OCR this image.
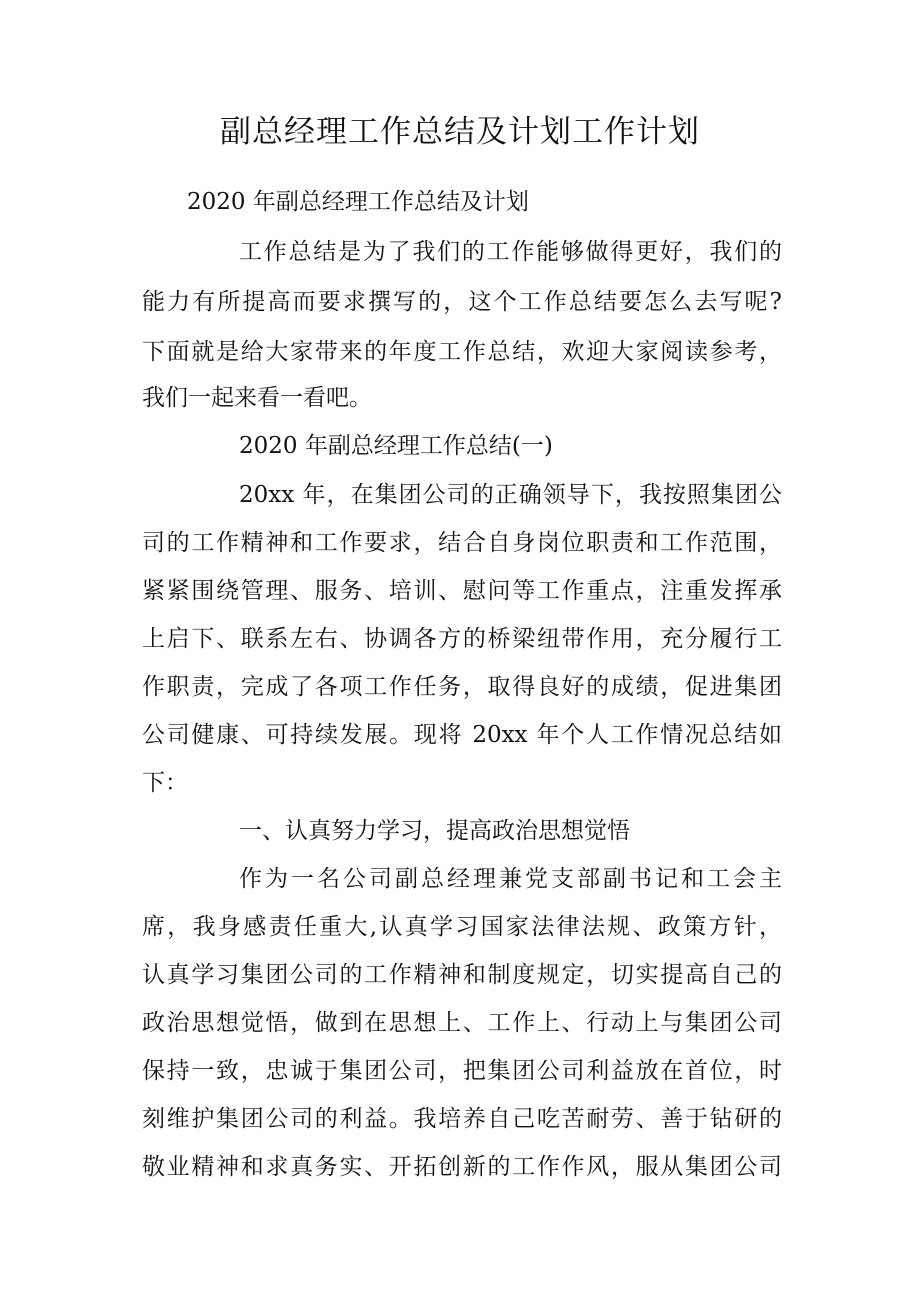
副总经理工作总结及计划工作计划
2020 年副总经理工作总结及计划
工作总结是为了我们的工作能够做得更好，我们的
能力有所提高而要求撰写的，这个工作总结要怎么去写呢?
下面就是给大家带来的年度工作总结，欢迎大家阅读参考，
我们一起来看一看吧。
2020 年副总经理工作总结(一)
20xx 年，在集团公司的正确领导下，我按照集团公
司的工作精神和工作要求，结合自身岗位职责和工作范围，
紧紧围绕管理、服务、培训、慰问等工作重点，注重发挥承
上启下、联系左右、协调各方的桥梁纽带作用，充分履行工
作职责，完成了各项工作任务，取得良好的成绩，促进集团
公司健康、可持续发展。现将 20xx 年个人工作情况总结如
下：
一、认真努力学习，提高政治思想觉悟
作为一名公司副总经理兼党支部副书记和工会主
席，我身感责任重大,认真学习国家法律法规、政策方针，
认真学习集团公司的工作精神和制度规定，切实提高自己的
政治思想觉悟，做到在思想上、工作上、行动上与集团公司
保持一致，忠诚于集团公司，把集团公司利益放在首位，时
刻维护集团公司的利益。我培养自己吃苦耐劳、善于钻研的
敬业精神和求真务实、开拓创新的工作作风，服从集团公司
